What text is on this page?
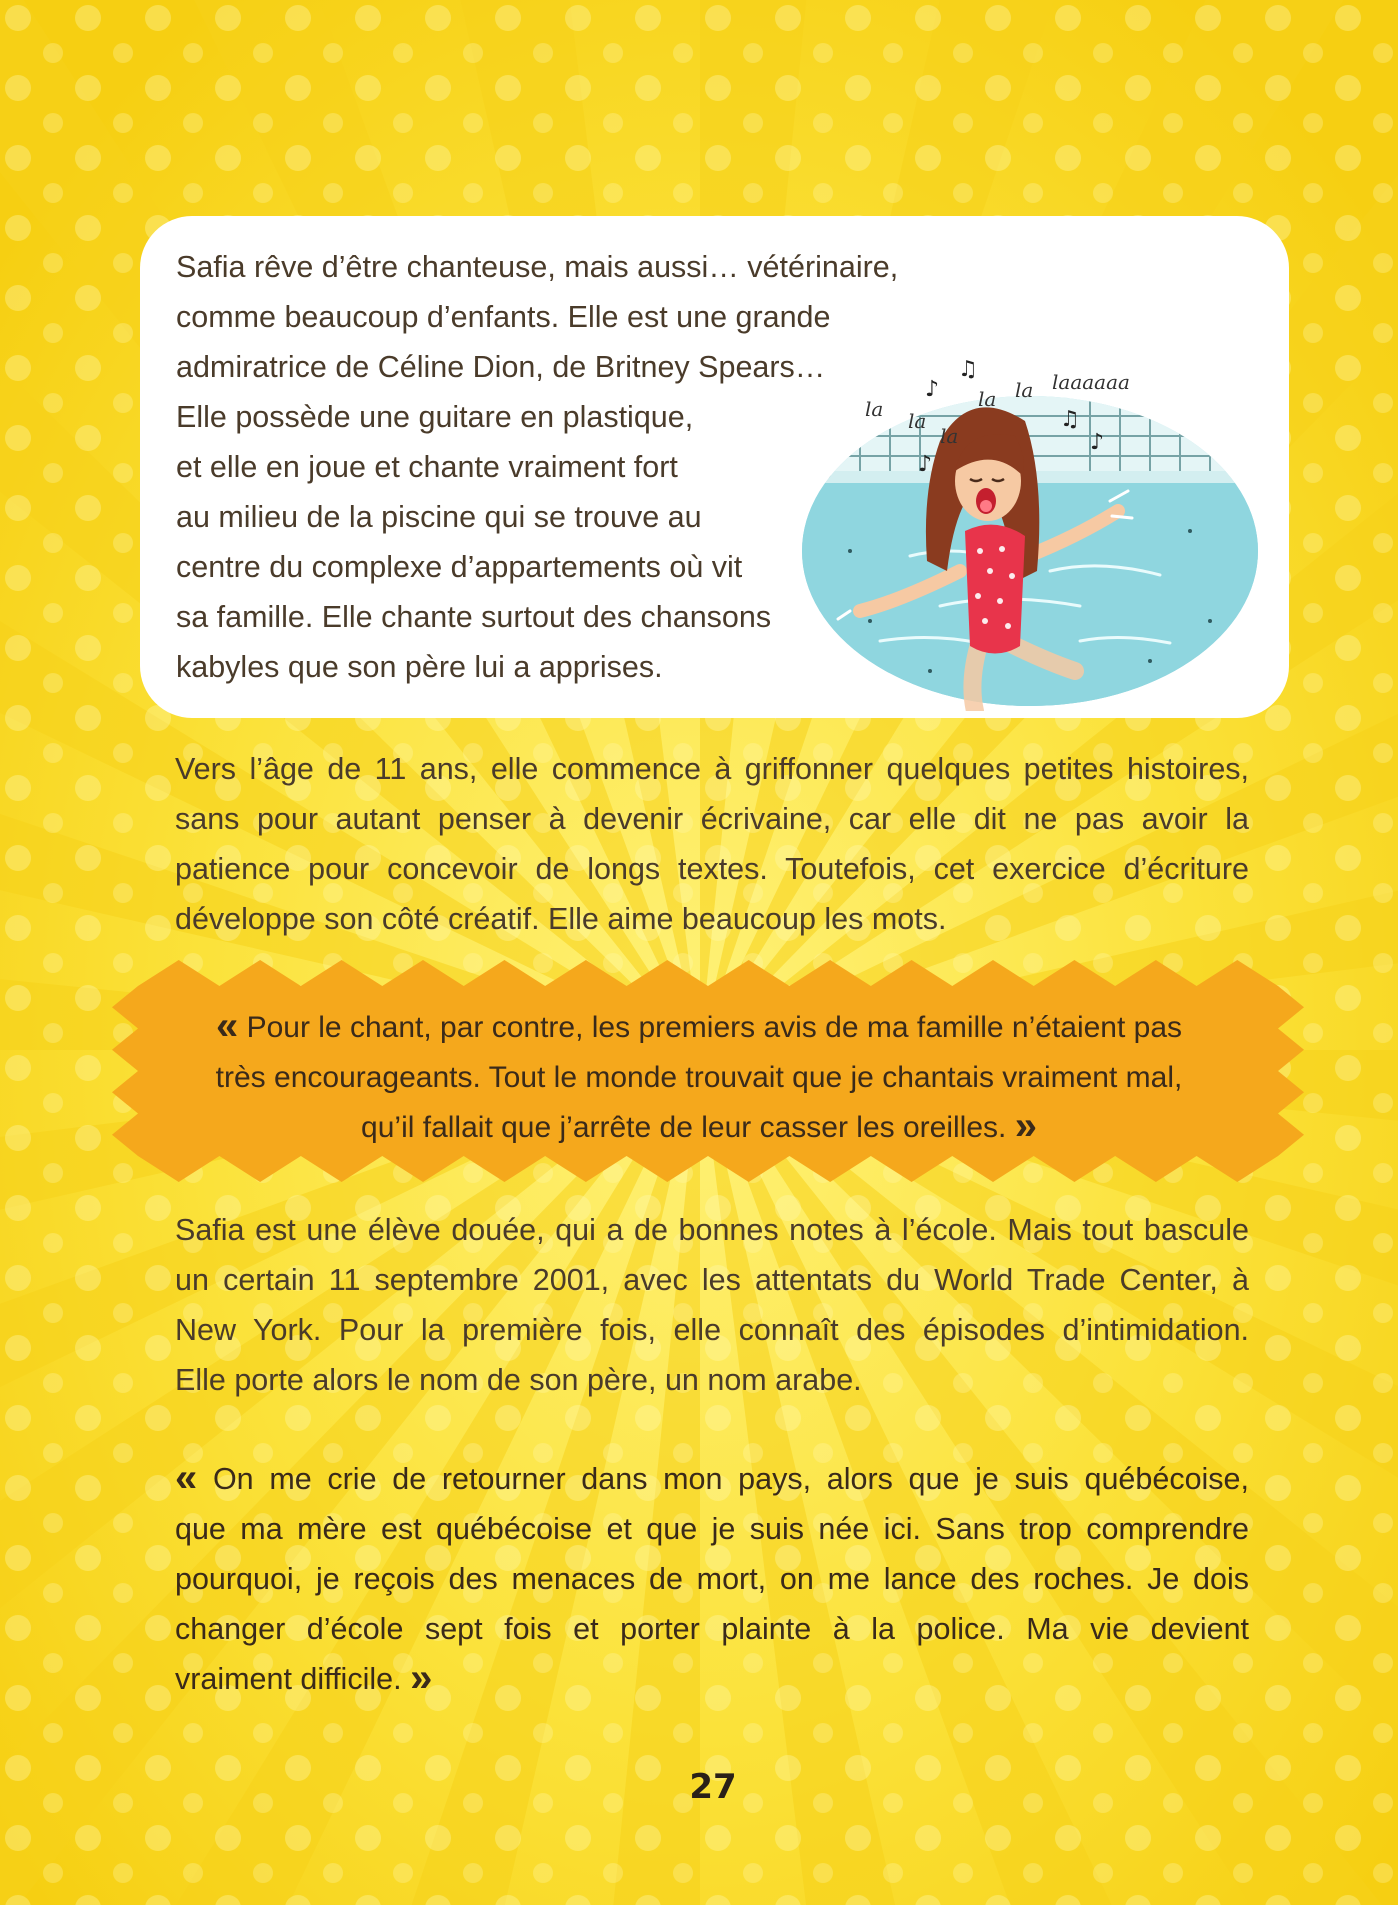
Safia rêve d’être chanteuse, mais aussi… vétérinaire,
comme beaucoup d’enfants. Elle est une grande
admiratrice de Céline Dion, de Britney Spears…
Elle possède une guitare en plastique,
et elle en joue et chante vraiment fort
au milieu de la piscine qui se trouve au
centre du complexe d’appartements où vit
sa famille. Elle chante surtout des chansons
kabyles que son père lui a apprises.
la la
la
la la laaaaaa
♫
♪
♫
♪
♪
Vers l’âge de 11 ans, elle commence à griffonner quelques petites histoires,
sans pour autant penser à devenir écrivaine, car elle dit ne pas avoir la
patience pour concevoir de longs textes. Toutefois, cet exercice d’écriture
développe son côté créatif. Elle aime beaucoup les mots.
« Pour le chant, par contre, les premiers avis de ma famille n’étaient pas
très encourageants. Tout le monde trouvait que je chantais vraiment mal,
qu’il fallait que j’arrête de leur casser les oreilles. »
Safia est une élève douée, qui a de bonnes notes à l’école. Mais tout bascule
un certain 11 septembre 2001, avec les attentats du World Trade Center, à
New York. Pour la première fois, elle connaît des épisodes d’intimidation.
Elle porte alors le nom de son père, un nom arabe.
« On me crie de retourner dans mon pays, alors que je suis québécoise,
que ma mère est québécoise et que je suis née ici. Sans trop comprendre
pourquoi, je reçois des menaces de mort, on me lance des roches. Je dois
changer d’école sept fois et porter plainte à la police. Ma vie devient
vraiment difficile. »
27
